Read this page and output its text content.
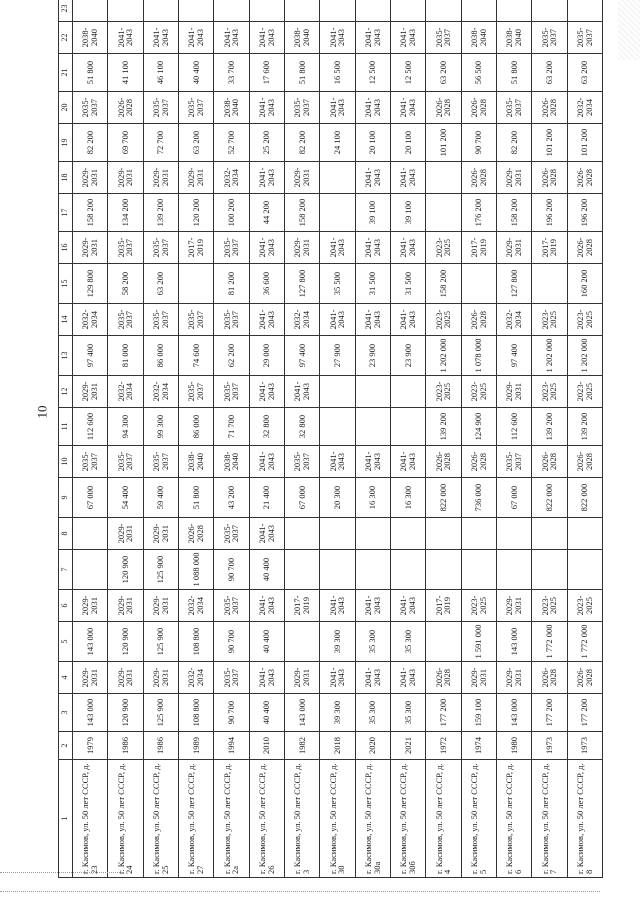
10
1	2	3	4	5	6	7	8	9	10	11	12	13	14	15	16	17	18	19	20	21	22	23	
г. Касимов, ул. 50 лет СССР, д. 23	1979	143 000	2029-2031	143 000	2029-2031			67 000	2035-2037	112 600	2029-2031	97 400	2032-2034	129 800	2029-2031	158 200	2029-2031	82 200	2035-2037	51 800	2038-2040		
г. Касимов, ул. 50 лет СССР, д. 24	1986	120 900	2029-2031	120 900	2029-2031	120 900	2029-2031	54 400	2035-2037	94 300	2032-2034	81 000	2035-2037	58 200	2035-2037	134 200	2029-2031	69 700	2026-2028	41 100	2041-2043		
г. Касимов, ул. 50 лет СССР, д. 25	1986	125 900	2029-2031	125 900	2029-2031	125 900	2029-2031	59 400	2035-2037	99 300	2032-2034	86 000	2035-2037	63 200	2035-2037	139 200	2029-2031	72 700	2035-2037	46 100	2041-2043		
г. Касимов, ул. 50 лет СССР, д. 27	1989	108 800	2032-2034	108 800	2032-2034	1 088 000	2026-2028	51 800	2038-2040	86 000	2035-2037	74 600	2035-2037		2017-2019	120 200	2029-2031	63 200	2035-2037	40 400	2041-2043		
г. Касимов, ул. 50 лет СССР, д. 2а	1994	90 700	2035-2037	90 700	2035-2037	90 700	2035-2037	43 200	2038-2040	71 700	2035-2037	62 200	2035-2037	81 200	2035-2037	100 200	2032-2034	52 700	2038-2040	33 700	2041-2043		
г. Касимов, ул. 50 лет СССР, д. 26	2010	40 400	2041-2043	40 400	2041-2043	40 400	2041-2043	21 400	2041-2043	32 800	2041-2043	29 000	2041-2043	36 600	2041-2043	44 200	2041-2043	25 200	2041-2043	17 600	2041-2043		
г. Касимов, ул. 50 лет СССР, д. 3	1982	143 000	2029-2031		2017-2019			67 000	2035-2037	32 800	2041-2043	97 400	2032-2034	127 800	2029-2031	158 200	2029-2031	82 200	2035-2037	51 800	2038-2040		
г. Касимов, ул. 50 лет СССР, д. 30	2018	39 300	2041-2043	39 300	2041-2043			20 300	2041-2043			27 900	2041-2043	35 500	2041-2043			24 100	2041-2043	16 500	2041-2043		
г. Касимов, ул. 50 лет СССР, д. 30а	2020	35 300	2041-2043	35 300	2041-2043			16 300	2041-2043			23 900	2041-2043	31 500	2041-2043	39 100	2041-2043	20 100	2041-2043	12 500	2041-2043		
г. Касимов, ул. 50 лет СССР, д. 30б	2021	35 300	2041-2043	35 300	2041-2043			16 300	2041-2043			23 900	2041-2043	31 500	2041-2043	39 100	2041-2043	20 100	2041-2043	12 500	2041-2043		
г. Касимов, ул. 50 лет СССР, д. 4	1972	177 200	2026-2028		2017-2019			822 000	2026-2028	139 200	2023-2025	1 202 000	2023-2025	158 200	2023-2025			101 200	2026-2028	63 200	2035-2037		
г. Касимов, ул. 50 лет СССР, д. 5	1974	159 100	2029-2031	1 591 000	2023-2025			736 000	2026-2028	124 900	2023-2025	1 078 000	2026-2028		2017-2019	176 200	2026-2028	90 700	2026-2028	56 500	2038-2040		
г. Касимов, ул. 50 лет СССР, д. 6	1980	143 000	2029-2031	143 000	2029-2031			67 000	2035-2037	112 600	2029-2031	97 400	2032-2034	127 800	2029-2031	158 200	2029-2031	82 200	2035-2037	51 800	2038-2040		
г. Касимов, ул. 50 лет СССР, д. 7	1973	177 200	2026-2028	1 772 000	2023-2025			822 000	2026-2028	139 200	2023-2025	1 202 000	2023-2025		2017-2019	196 200	2026-2028	101 200	2026-2028	63 200	2035-2037		
г. Касимов, ул. 50 лет СССР, д. 8	1973	177 200	2026-2028	1 772 000	2023-2025			822 000	2026-2028	139 200	2023-2025	1 202 000	2023-2025	160 200	2026-2028	196 200	2026-2028	101 200	2032-2034	63 200	2035-2037		
